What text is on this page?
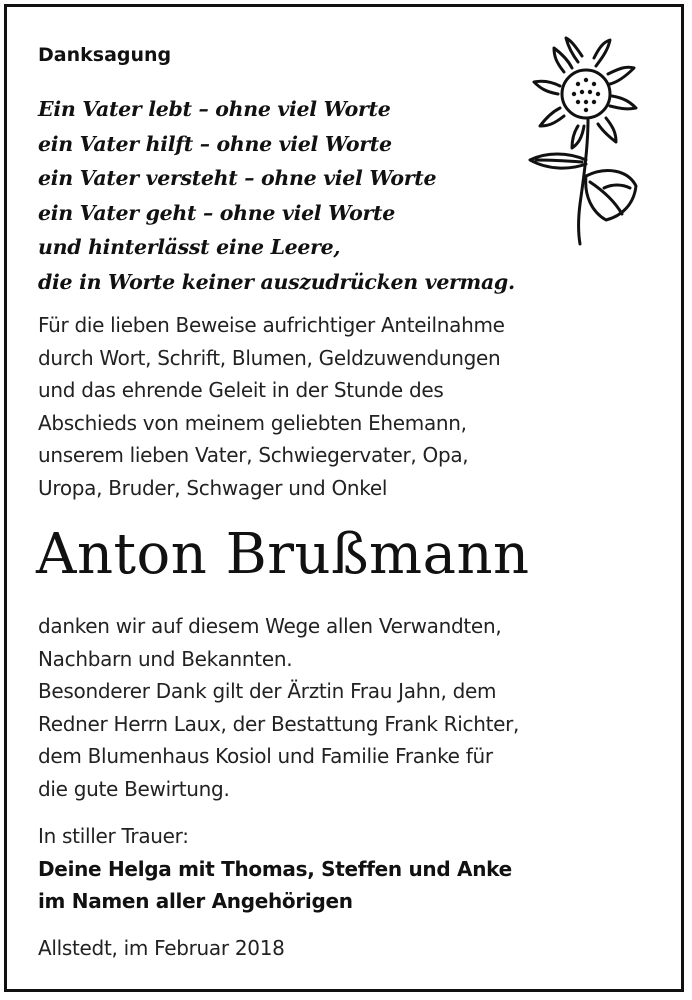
Danksagung
Ein Vater lebt – ohne viel Worte
ein Vater hilft – ohne viel Worte
ein Vater versteht – ohne viel Worte
ein Vater geht – ohne viel Worte
und hinterlässt eine Leere,
die in Worte keiner auszudrücken vermag.
Für die lieben Beweise aufrichtiger Anteilnahme
durch Wort, Schrift, Blumen, Geldzuwendungen
und das ehrende Geleit in der Stunde des
Abschieds von meinem geliebten Ehemann,
unserem lieben Vater, Schwiegervater, Opa,
Uropa, Bruder, Schwager und Onkel
Anton Brußmann
danken wir auf diesem Wege allen Verwandten,
Nachbarn und Bekannten.
Besonderer Dank gilt der Ärztin Frau Jahn, dem
Redner Herrn Laux, der Bestattung Frank Richter,
dem Blumenhaus Kosiol und Familie Franke für
die gute Bewirtung.
In stiller Trauer:
Deine Helga mit Thomas, Steffen und Anke
im Namen aller Angehörigen
Allstedt, im Februar 2018
